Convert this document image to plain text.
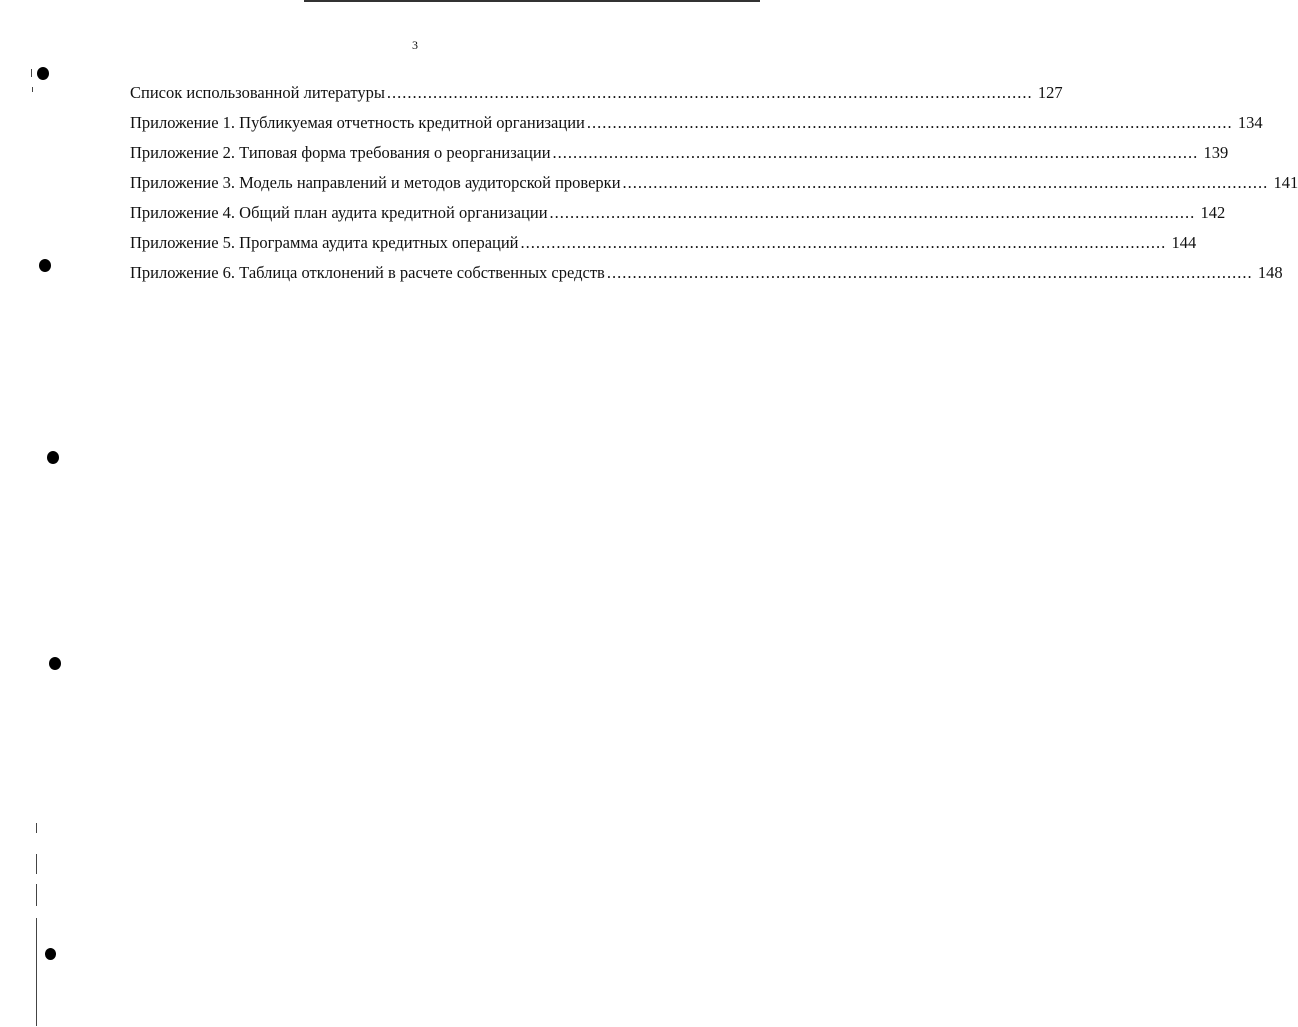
3
Список использованной литературы .....	127
Приложение 1. Публикуемая отчетность кредитной организации .....	134
Приложение 2. Типовая форма требования о реорганизации .....	139
Приложение 3. Модель направлений и методов аудиторской проверки .....	141
Приложение 4. Общий план аудита кредитной организации .....	142
Приложение 5. Программа аудита кредитных операций .....	144
Приложение 6. Таблица отклонений в расчете собственных средств .....	148
